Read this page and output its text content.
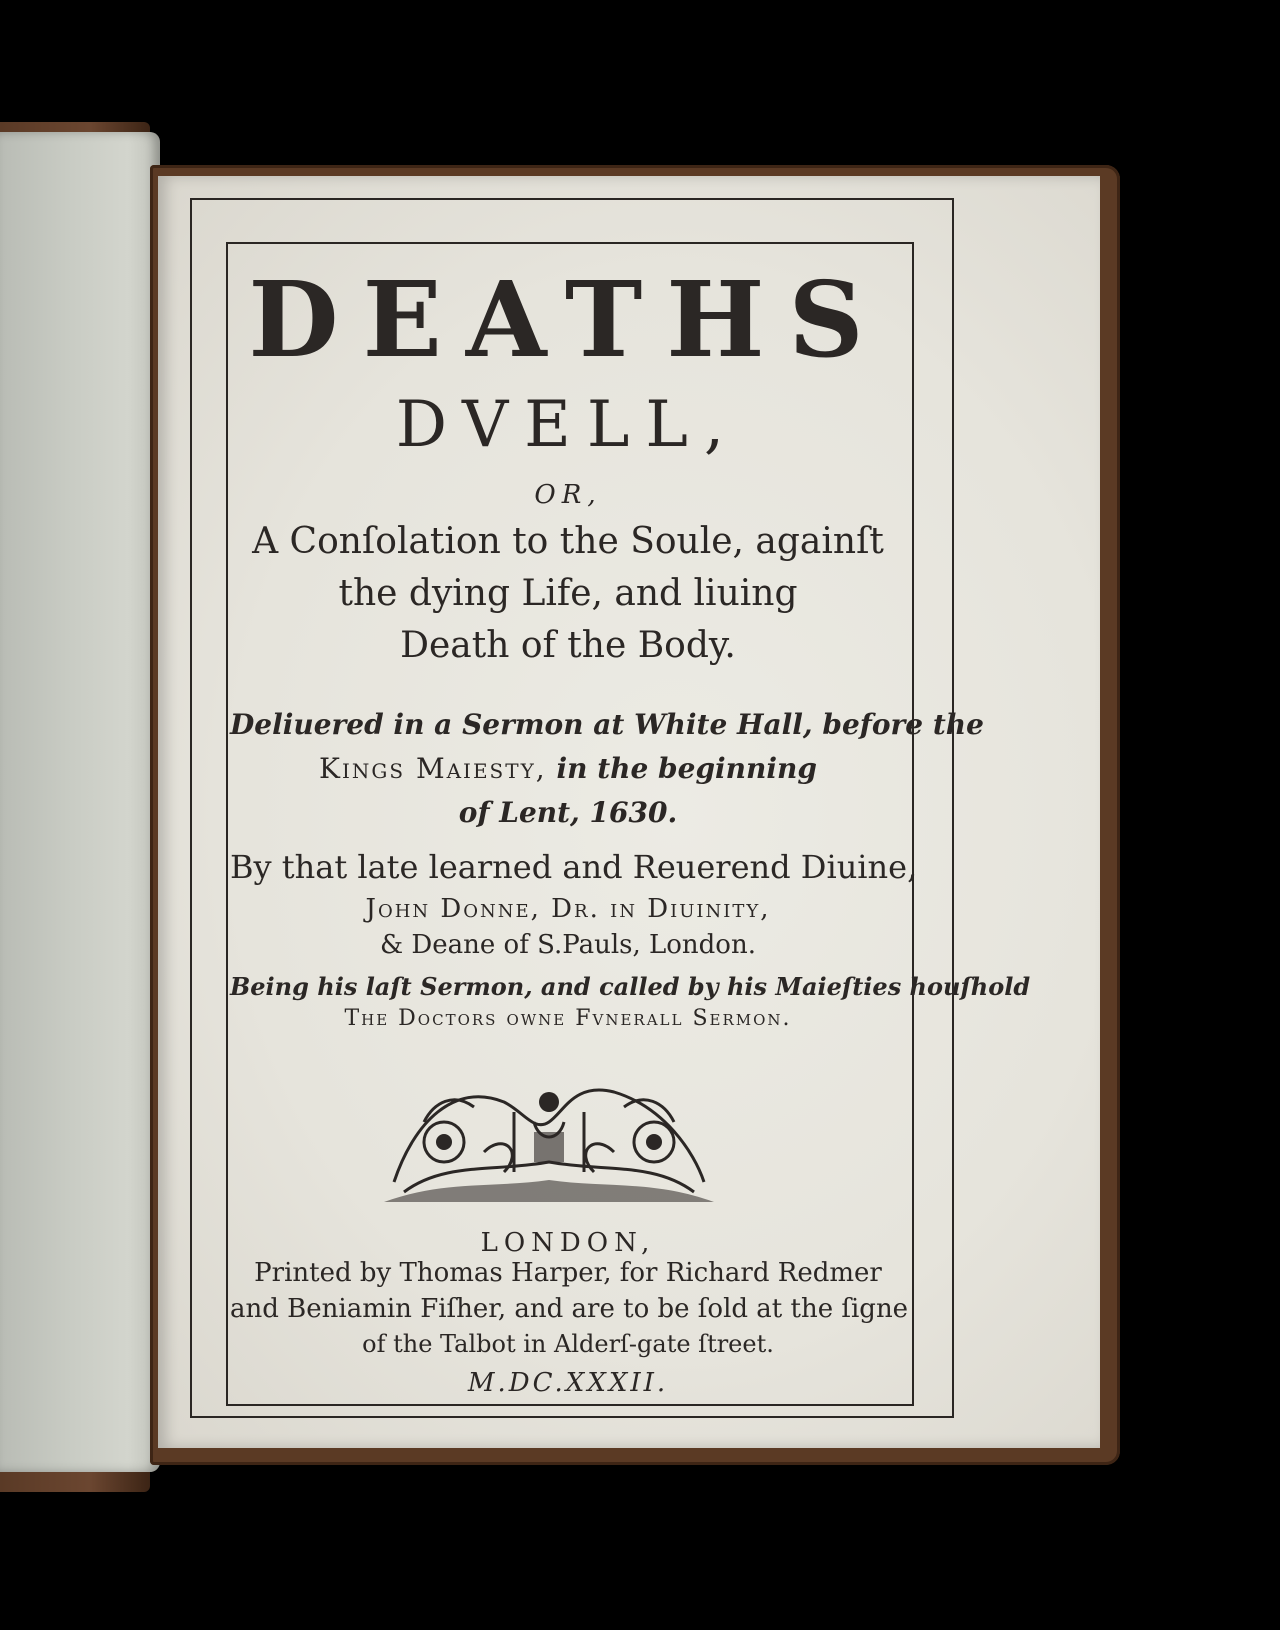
DEATHS
DVELL,
OR,
A Conſolation to the Soule, againſt
the dying Life, and liuing
Death of the Body.
Deliuered in a Sermon at White Hall, before the
Kings Maiesty, in the beginning
of Lent, 1630.
By that late learned and Reuerend Diuine,
John Donne, Dr. in Diuinity,
& Deane of S.Pauls, London.
Being his laſt Sermon, and called by his Maieſties houſhold
The Doctors owne Fvnerall Sermon.
LONDON,
Printed by Thomas Harper, for Richard Redmer
and Beniamin Fiſher, and are to be ſold at the ſigne
of the Talbot in Alderſ-gate ſtreet.
M.DC.XXXII.
